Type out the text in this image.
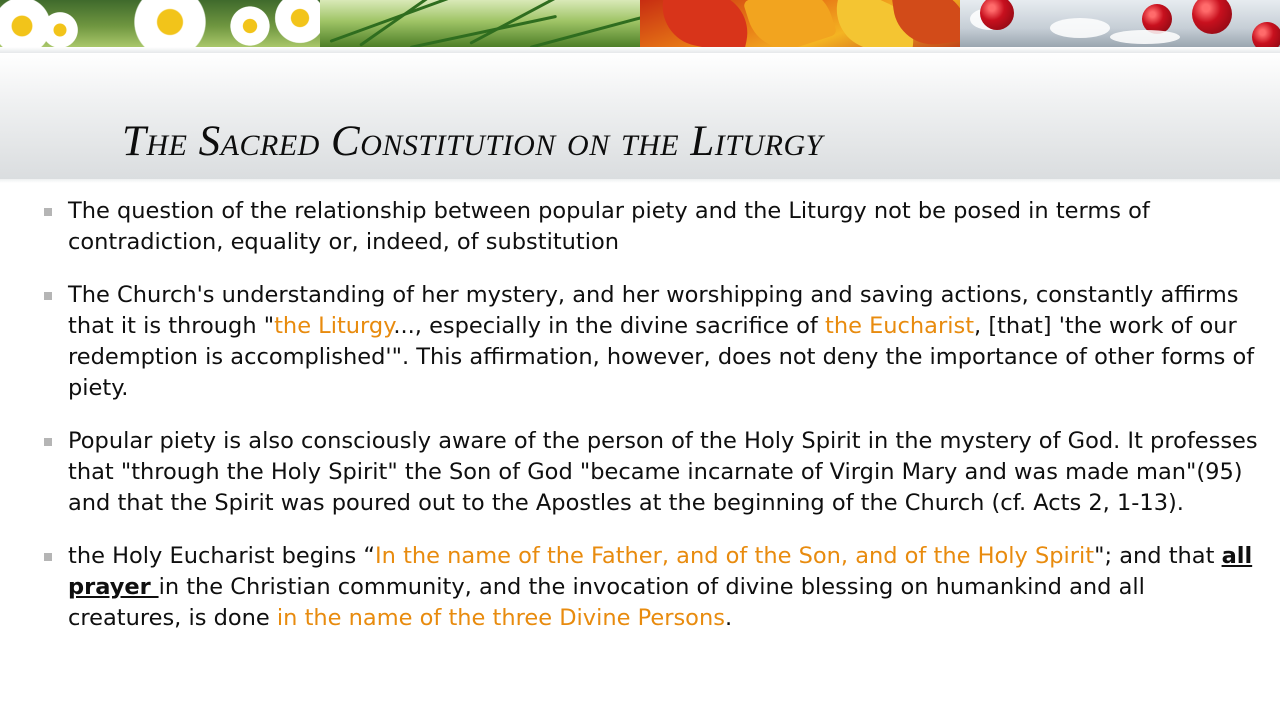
The Sacred Constitution on the Liturgy
The question of the relationship between popular piety and the Liturgy not be posed in terms of contradiction, equality or, indeed, of substitution
The Church's understanding of her mystery, and her worshipping and saving actions, constantly affirms that it is through "the Liturgy..., especially in the divine sacrifice of the Eucharist, [that] 'the work of our redemption is accomplished'". This affirmation, however, does not deny the importance of other forms of piety.
Popular piety is also consciously aware of the person of the Holy Spirit in the mystery of God. It professes that "through the Holy Spirit" the Son of God "became incarnate of Virgin Mary and was made man"(95) and that the Spirit was poured out to the Apostles at the beginning of the Church (cf. Acts 2, 1-13).
the Holy Eucharist begins “In the name of the Father, and of the Son, and of the Holy Spirit"; and that all prayer in the Christian community, and the invocation of divine blessing on humankind and all creatures, is done in the name of the three Divine Persons.
